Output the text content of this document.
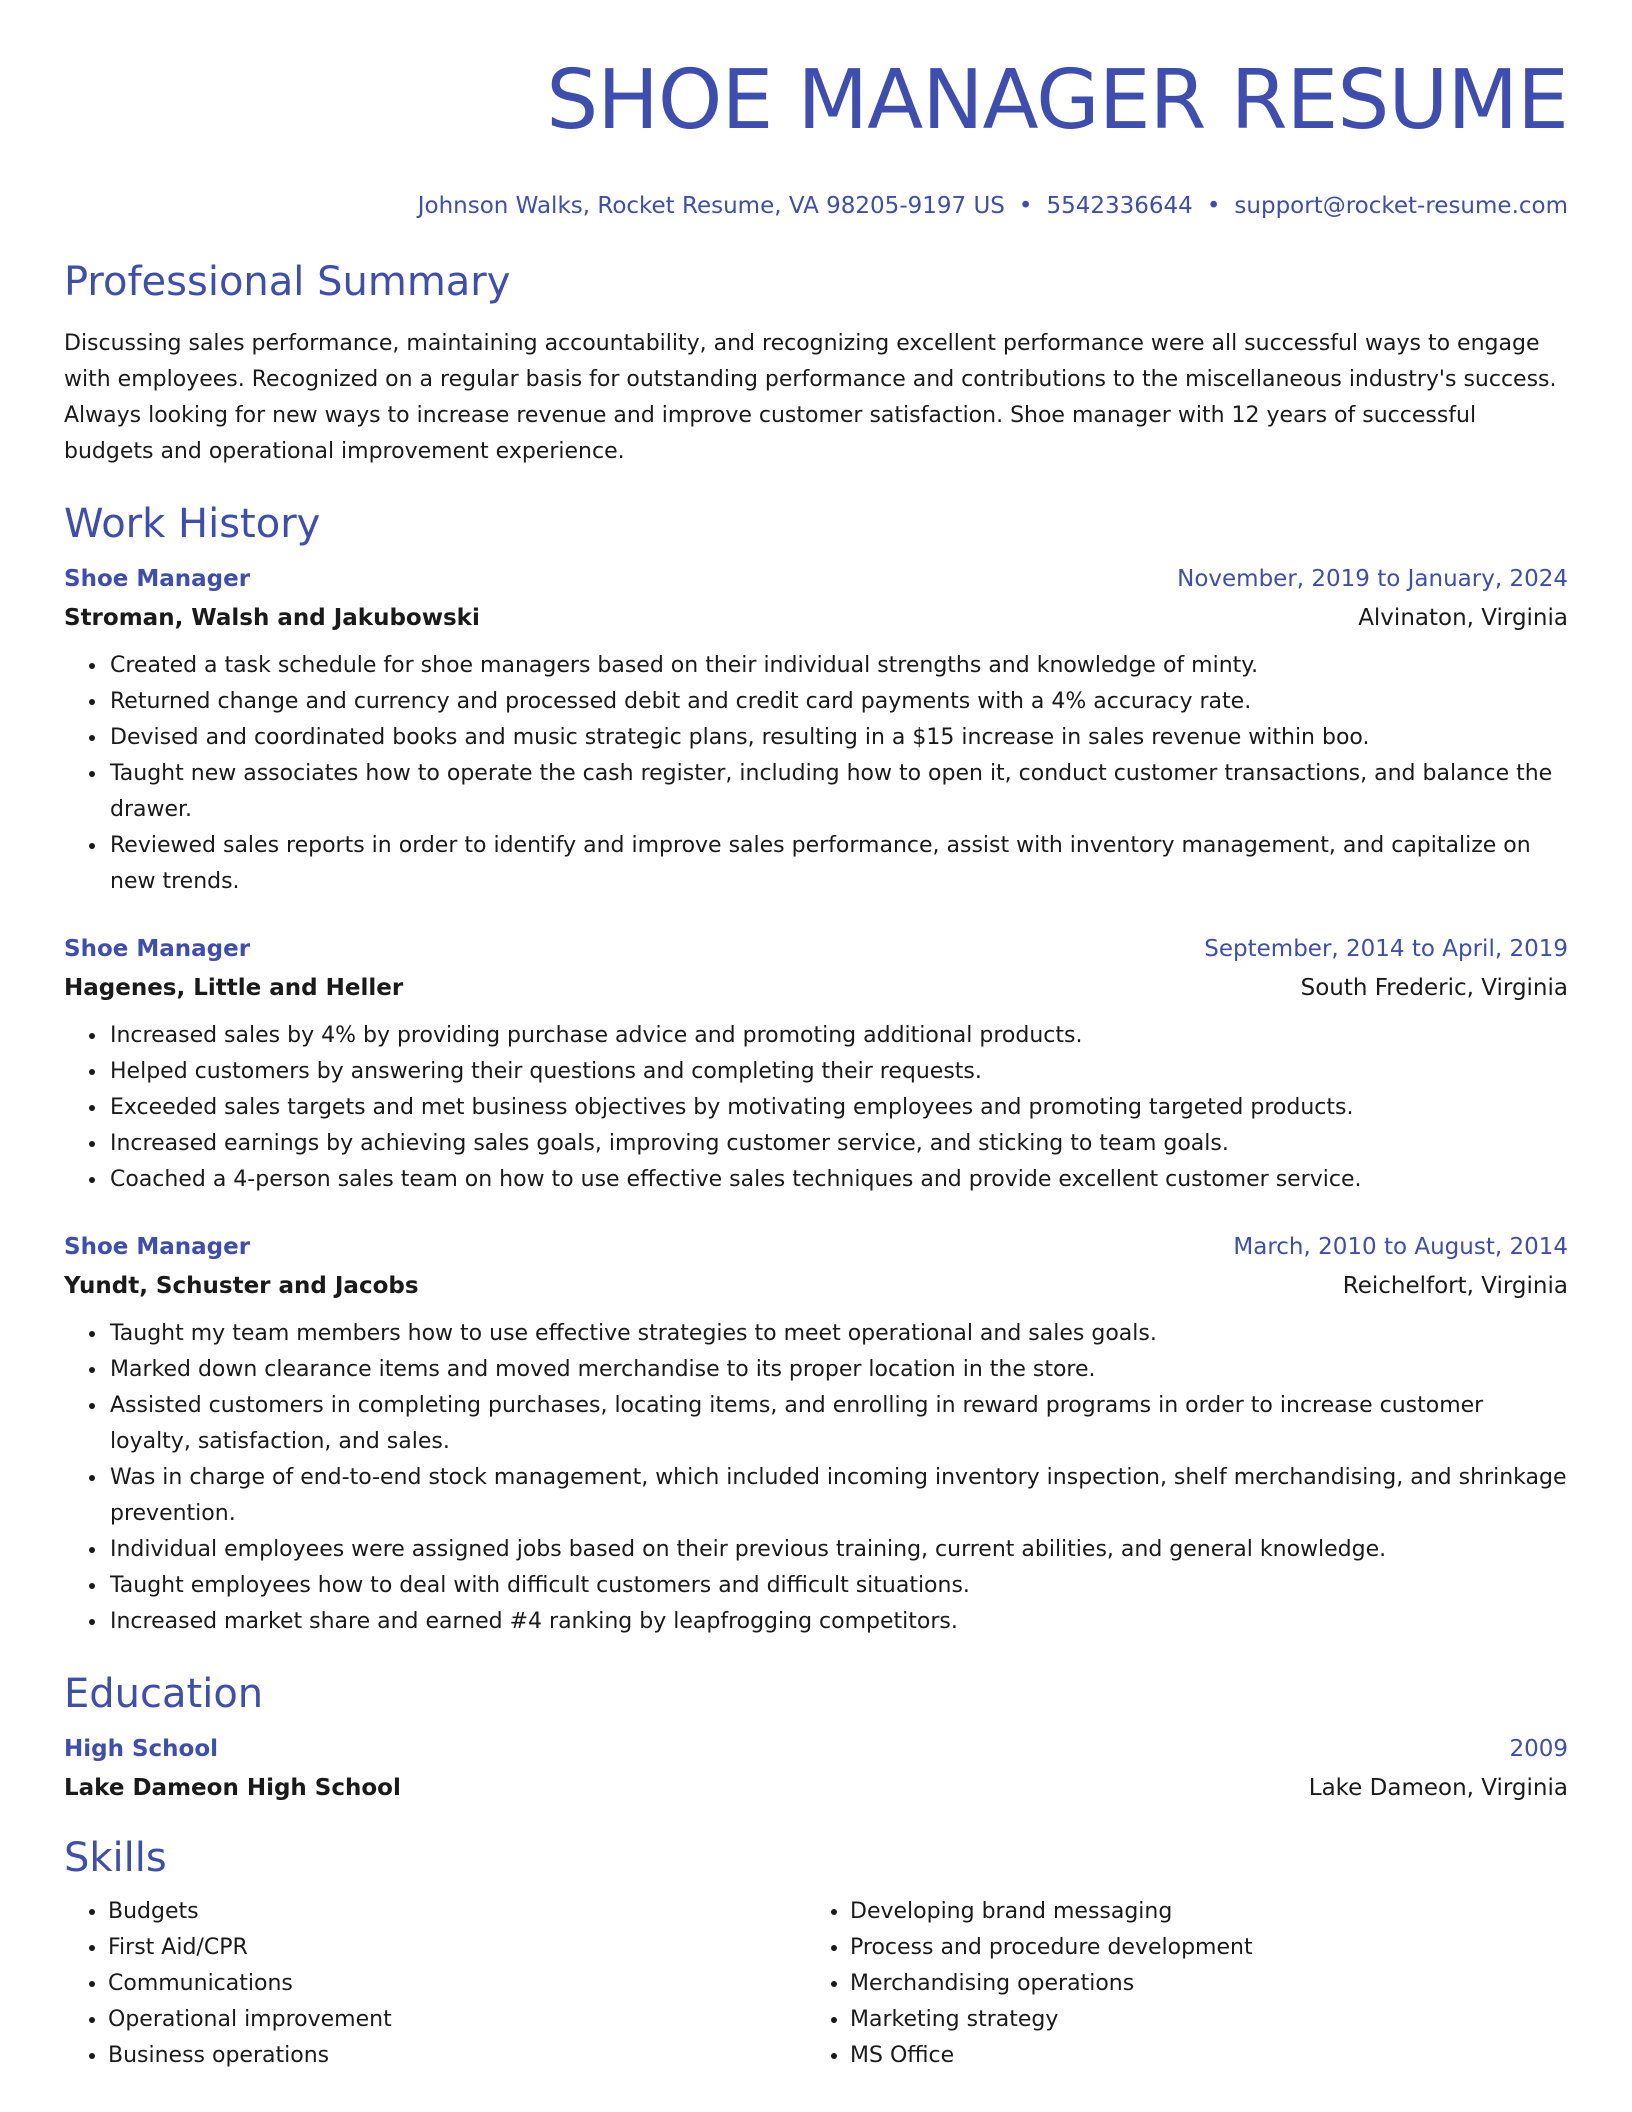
SHOE MANAGER RESUME
Johnson Walks, Rocket Resume, VA 98205-9197 US • 5542336644 • support@rocket-resume.com
Professional Summary

Discussing sales performance, maintaining accountability, and recognizing excellent performance were all successful ways to engage with employees. Recognized on a regular basis for outstanding performance and contributions to the miscellaneous industry's success. Always looking for new ways to increase revenue and improve customer satisfaction. Shoe manager with 12 years of successful budgets and operational improvement experience.

Work History
Shoe Manager	November, 2019 to January, 2024
Stroman, Walsh and Jakubowski	Alvinaton, Virginia
• Created a task schedule for shoe managers based on their individual strengths and knowledge of minty.
• Returned change and currency and processed debit and credit card payments with a 4% accuracy rate.
• Devised and coordinated books and music strategic plans, resulting in a $15 increase in sales revenue within boo.
• Taught new associates how to operate the cash register, including how to open it, conduct customer transactions, and balance the drawer.
• Reviewed sales reports in order to identify and improve sales performance, assist with inventory management, and capitalize on new trends.
Shoe Manager	September, 2014 to April, 2019
Hagenes, Little and Heller	South Frederic, Virginia
• Increased sales by 4% by providing purchase advice and promoting additional products.
• Helped customers by answering their questions and completing their requests.
• Exceeded sales targets and met business objectives by motivating employees and promoting targeted products.
• Increased earnings by achieving sales goals, improving customer service, and sticking to team goals.
• Coached a 4-person sales team on how to use effective sales techniques and provide excellent customer service.
Shoe Manager	March, 2010 to August, 2014
Yundt, Schuster and Jacobs	Reichelfort, Virginia
• Taught my team members how to use effective strategies to meet operational and sales goals.
• Marked down clearance items and moved merchandise to its proper location in the store.
• Assisted customers in completing purchases, locating items, and enrolling in reward programs in order to increase customer loyalty, satisfaction, and sales.
• Was in charge of end-to-end stock management, which included incoming inventory inspection, shelf merchandising, and shrinkage prevention.
• Individual employees were assigned jobs based on their previous training, current abilities, and general knowledge.
• Taught employees how to deal with difficult customers and difficult situations.
• Increased market share and earned #4 ranking by leapfrogging competitors.
Education
High School	2009
Lake Dameon High School	Lake Dameon, Virginia
Skills
• Budgets
• First Aid/CPR
• Communications
• Operational improvement
• Business operations
• Developing brand messaging
• Process and procedure development
• Merchandising operations
• Marketing strategy
• MS Office
